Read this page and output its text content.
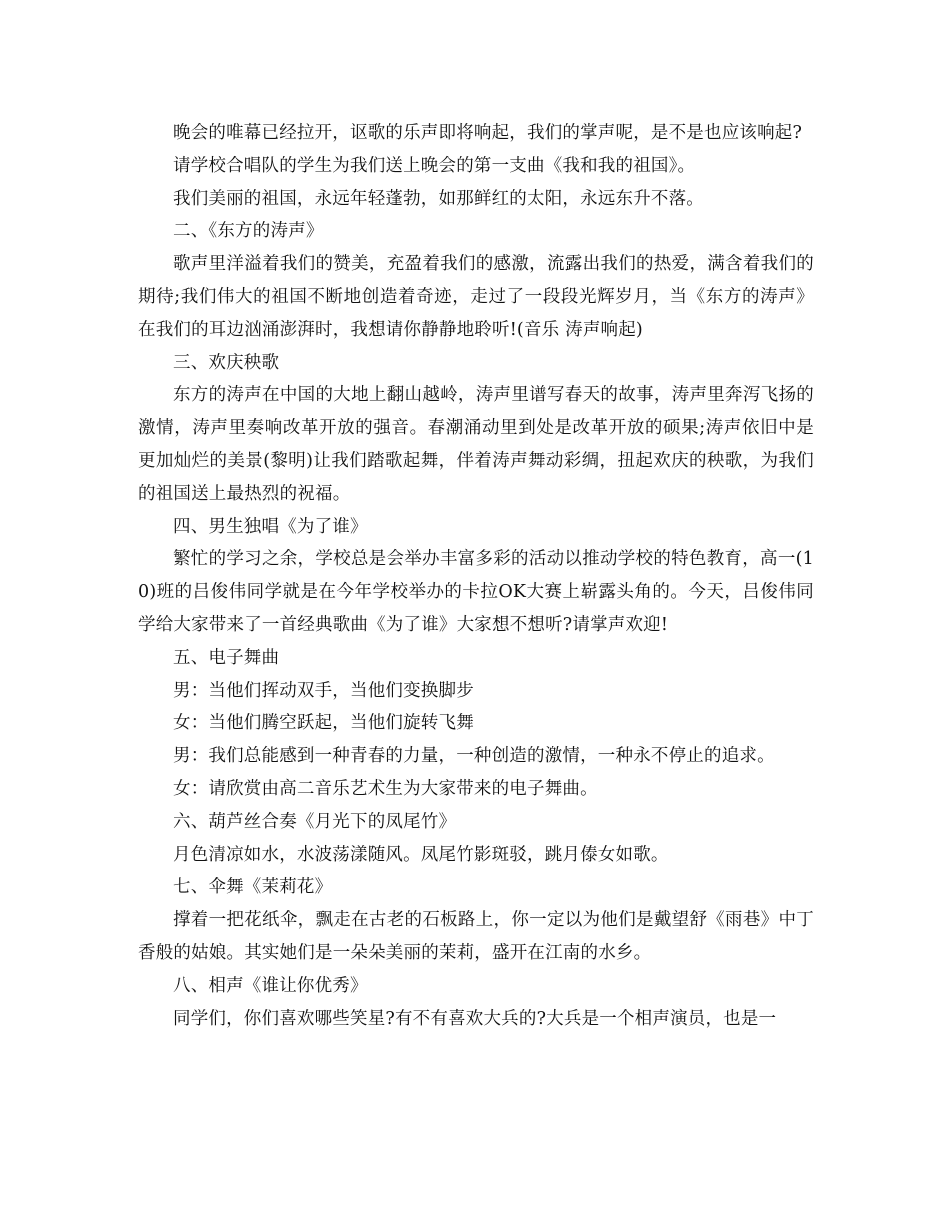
晚会的唯幕已经拉开，讴歌的乐声即将响起，我们的掌声呢，是不是也应该响起?

请学校合唱队的学生为我们送上晚会的第一支曲《我和我的祖国》。

我们美丽的祖国，永远年轻蓬勃，如那鲜红的太阳，永远东升不落。

二、《东方的涛声》

歌声里洋溢着我们的赞美，充盈着我们的感激，流露出我们的热爱，满含着我们的期待;我们伟大的祖国不断地创造着奇迹，走过了一段段光辉岁月，当《东方的涛声》在我们的耳边汹涌澎湃时，我想请你静静地聆听!(音乐 涛声响起)

三、欢庆秧歌

东方的涛声在中国的大地上翻山越岭，涛声里谱写春天的故事，涛声里奔泻飞扬的激情，涛声里奏响改革开放的强音。春潮涌动里到处是改革开放的硕果;涛声依旧中是更加灿烂的美景(黎明)让我们踏歌起舞，伴着涛声舞动彩绸，扭起欢庆的秧歌，为我们的祖国送上最热烈的祝福。

四、男生独唱《为了谁》

繁忙的学习之余，学校总是会举办丰富多彩的活动以推动学校的特色教育，高一(10)班的吕俊伟同学就是在今年学校举办的卡拉OK大赛上崭露头角的。今天，吕俊伟同学给大家带来了一首经典歌曲《为了谁》大家想不想听?请掌声欢迎!

五、电子舞曲

男：当他们挥动双手，当他们变换脚步

女：当他们腾空跃起，当他们旋转飞舞

男：我们总能感到一种青春的力量，一种创造的激情，一种永不停止的追求。

女：请欣赏由高二音乐艺术生为大家带来的电子舞曲。

六、葫芦丝合奏《月光下的凤尾竹》

月色清凉如水，水波荡漾随风。凤尾竹影斑驳，跳月傣女如歌。

七、伞舞《茉莉花》

撑着一把花纸伞，飘走在古老的石板路上，你一定以为他们是戴望舒《雨巷》中丁香般的姑娘。其实她们是一朵朵美丽的茉莉，盛开在江南的水乡。

八、相声《谁让你优秀》

同学们，你们喜欢哪些笑星?有不有喜欢大兵的?大兵是一个相声演员，也是一
